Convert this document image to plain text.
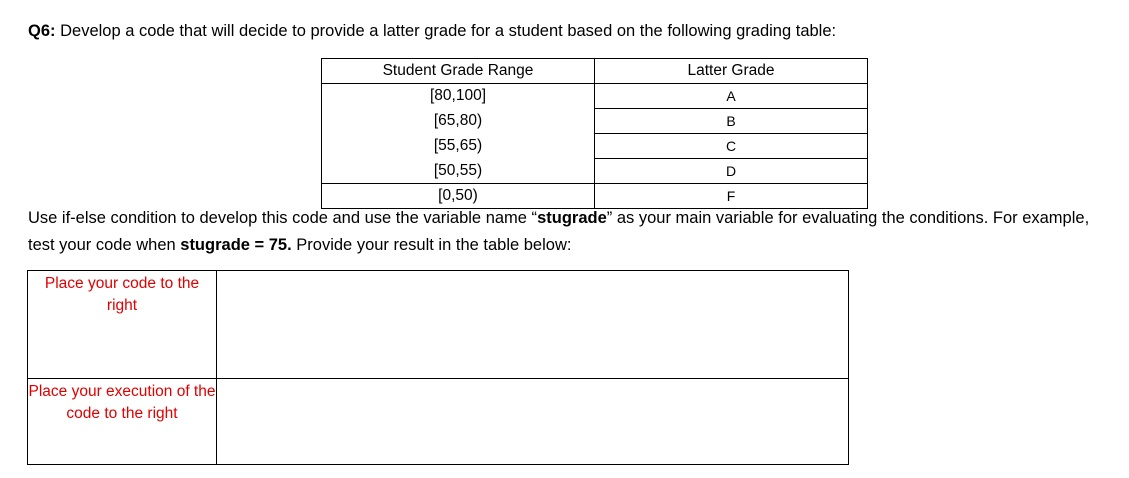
Q6: Develop a code that will decide to provide a latter grade for a student based on the following grading table:
Student Grade Range	Latter Grade
[80,100]	A
[65,80)	B
[55,65)	C
[50,55)	D
[0,50)	F
Use if-else condition to develop this code and use the variable name “stugrade” as your main variable for evaluating the conditions. For example, test your code when stugrade = 75. Provide your result in the table below:
Place your code to the right	
Place your execution of the code to the right	
